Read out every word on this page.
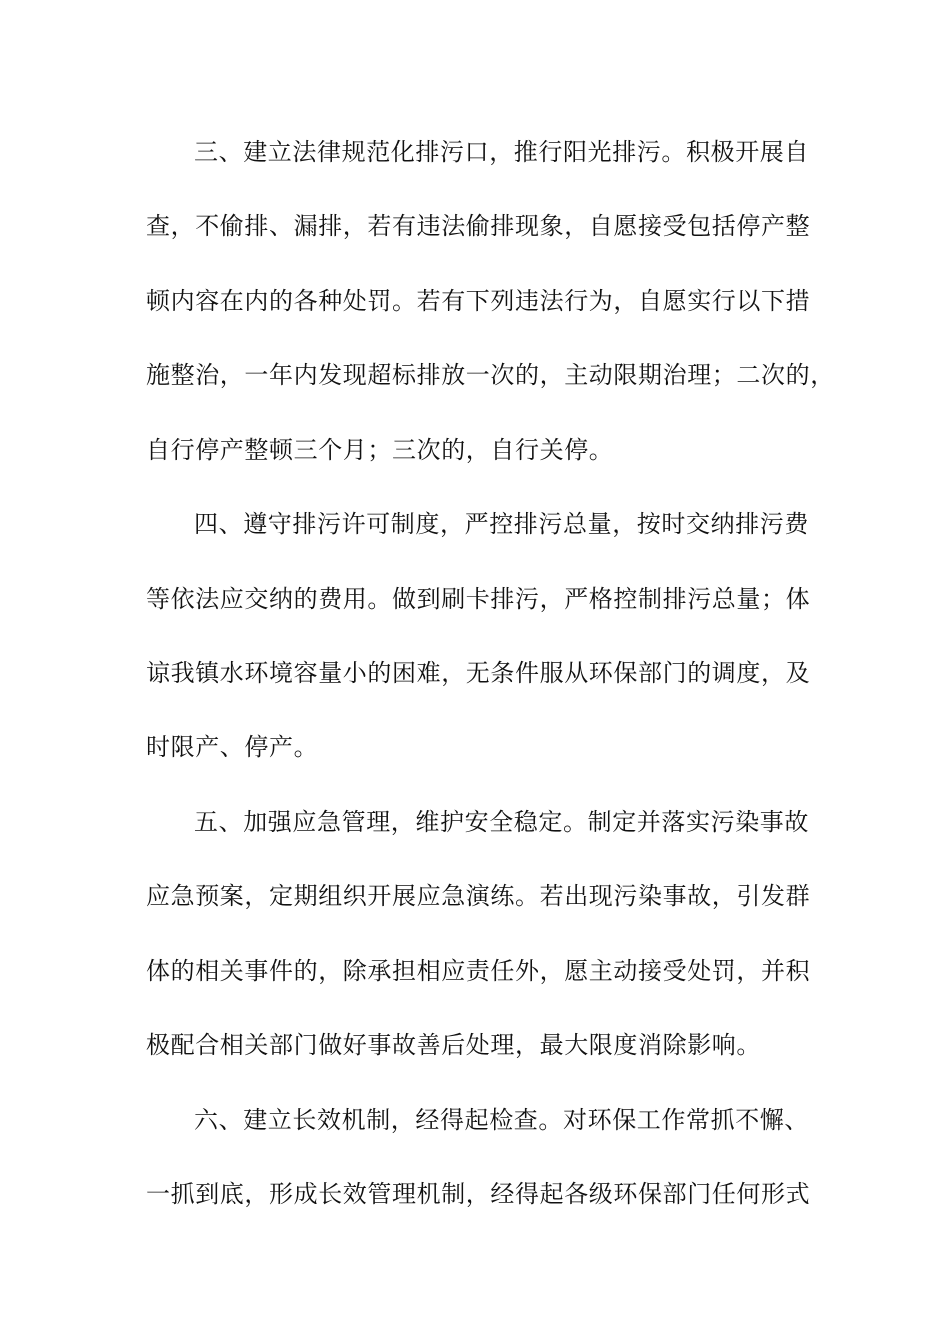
三、建立法律规范化排污口，推行阳光排污。积极开展自
查，不偷排、漏排，若有违法偷排现象，自愿接受包括停产整
顿内容在内的各种处罚。若有下列违法行为，自愿实行以下措
施整治，一年内发现超标排放一次的，主动限期治理；二次的，
自行停产整顿三个月；三次的，自行关停。
四、遵守排污许可制度，严控排污总量，按时交纳排污费
等依法应交纳的费用。做到刷卡排污，严格控制排污总量；体
谅我镇水环境容量小的困难，无条件服从环保部门的调度，及
时限产、停产。
五、加强应急管理，维护安全稳定。制定并落实污染事故
应急预案，定期组织开展应急演练。若出现污染事故，引发群
体的相关事件的，除承担相应责任外，愿主动接受处罚，并积
极配合相关部门做好事故善后处理，最大限度消除影响。
六、建立长效机制，经得起检查。对环保工作常抓不懈、
一抓到底，形成长效管理机制，经得起各级环保部门任何形式
